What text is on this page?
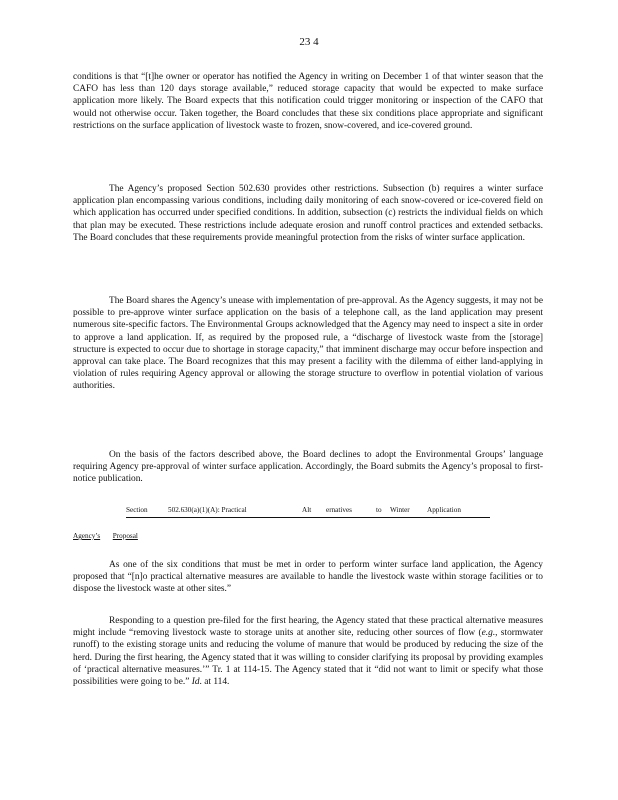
23 4

conditions is that “[t]he owner or operator has notified the Agency in writing on December 1 of that winter season that the CAFO has less than 120 days storage available,” reduced storage capacity that would be expected to make surface application more likely. The Board expects that this notification could trigger monitoring or inspection of the CAFO that would not otherwise occur. Taken together, the Board concludes that these six conditions place appropriate and significant restrictions on the surface application of livestock waste to frozen, snow-covered, and ice-covered ground.

The Agency’s proposed Section 502.630 provides other restrictions. Subsection (b) requires a winter surface application plan encompassing various conditions, including daily monitoring of each snow-covered or ice-covered field on which application has occurred under specified conditions. In addition, subsection (c) restricts the individual fields on which that plan may be executed. These restrictions include adequate erosion and runoff control practices and extended setbacks. The Board concludes that these requirements provide meaningful protection from the risks of winter surface application.

The Board shares the Agency’s unease with implementation of pre-approval. As the Agency suggests, it may not be possible to pre-approve winter surface application on the basis of a telephone call, as the land application may present numerous site-specific factors. The Environmental Groups acknowledged that the Agency may need to inspect a site in order to approve a land application. If, as required by the proposed rule, a “discharge of livestock waste from the [storage] structure is expected to occur due to shortage in storage capacity,” that imminent discharge may occur before inspection and approval can take place. The Board recognizes that this may present a facility with the dilemma of either land-applying in violation of rules requiring Agency approval or allowing the storage structure to overflow in potential violation of various authorities.

On the basis of the factors described above, the Board declines to adopt the Environmental Groups’ language requiring Agency pre-approval of winter surface application. Accordingly, the Board submits the Agency’s proposal to first-notice publication.

Section	502.630(a)(1)(A): Practical	Alt ernatives	to Winter Application
Agency’s Proposal

As one of the six conditions that must be met in order to perform winter surface land application, the Agency proposed that “[n]o practical alternative measures are available to handle the livestock waste within storage facilities or to dispose the livestock waste at other sites.”

Responding to a question pre-filed for the first hearing, the Agency stated that these practical alternative measures might include “removing livestock waste to storage units at another site, reducing other sources of flow (e.g., stormwater runoff) to the existing storage units and reducing the volume of manure that would be produced by reducing the size of the herd. During the first hearing, the Agency stated that it was willing to consider clarifying its proposal by providing examples of ‘practical alternative measures.’” Tr. 1 at 114-15. The Agency stated that it “did not want to limit or specify what those possibilities were going to be.” Id. at 114.
